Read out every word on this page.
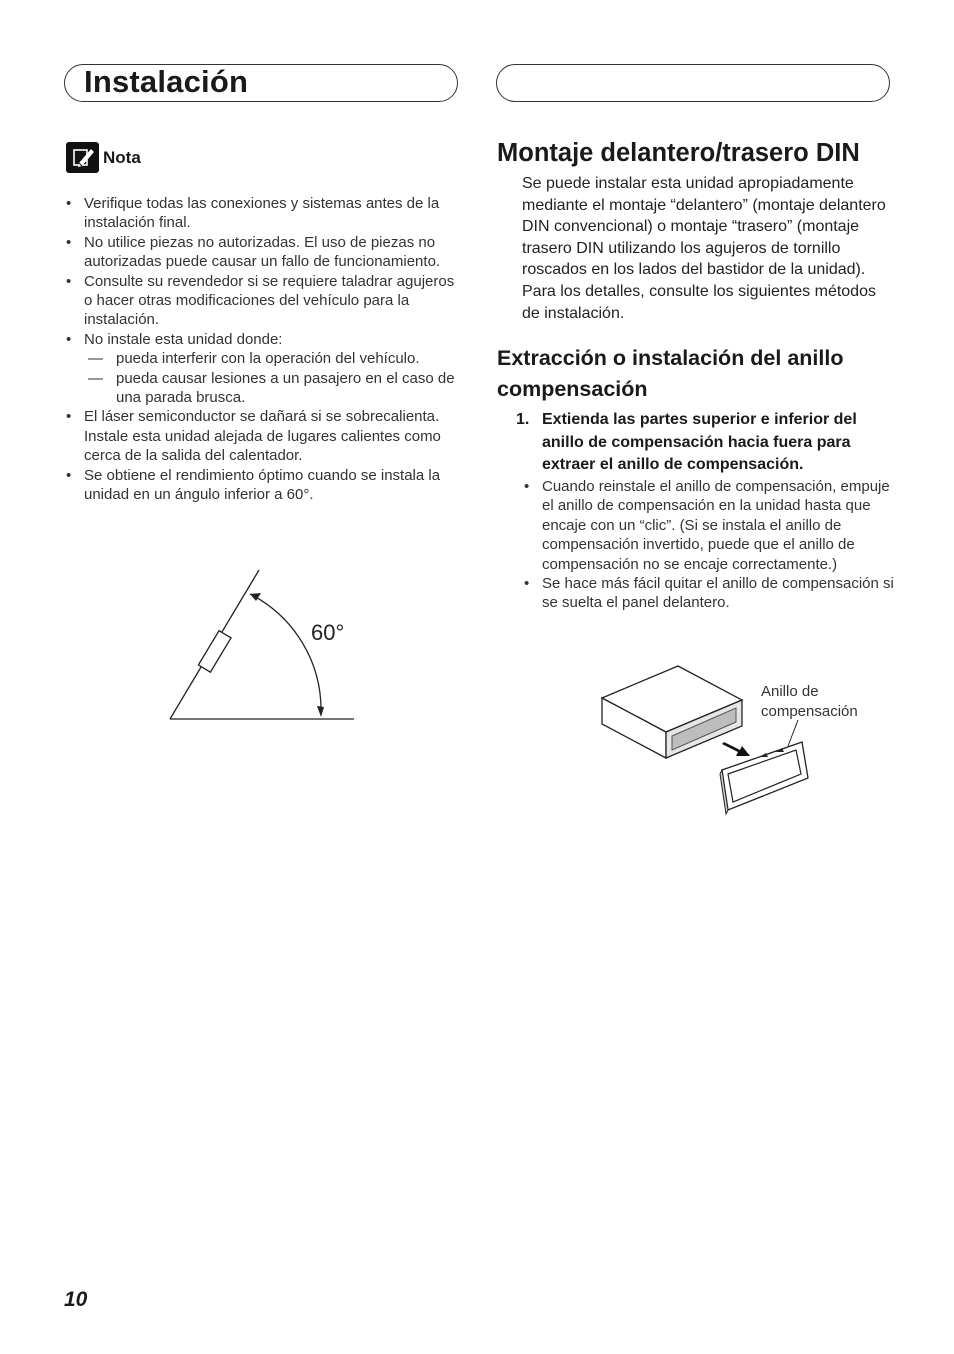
Instalación
Nota
• Verifique todas las conexiones y sistemas antes de la instalación final.
• No utilice piezas no autorizadas. El uso de piezas no autorizadas puede causar un fallo de funcionamiento.
• Consulte su revendedor si se requiere taladrar agujeros o hacer otras modificaciones del vehículo para la instalación.
• No instale esta unidad donde:
— pueda interferir con la operación del vehículo.
— pueda causar lesiones a un pasajero en el caso de una parada brusca.
• El láser semiconductor se dañará si se sobrecalienta. Instale esta unidad alejada de lugares calientes como cerca de la salida del calentador.
• Se obtiene el rendimiento óptimo cuando se instala la unidad en un ángulo inferior a 60°.
60°
Montaje delantero/trasero DIN

Se puede instalar esta unidad apropiadamente mediante el montaje “delantero” (montaje delantero DIN convencional) o montaje “trasero” (montaje trasero DIN utilizando los agujeros de tornillo roscados en los lados del bastidor de la unidad). Para los detalles, consulte los siguientes métodos de instalación.

Extracción o instalación del anillo compensación
1. Extienda las partes superior e inferior del anillo de compensación hacia fuera para extraer el anillo de compensación.
• Cuando reinstale el anillo de compensación, empuje el anillo de compensación en la unidad hasta que encaje con un “clic”. (Si se instala el anillo de compensación invertido, puede que el anillo de compensación no se encaje correctamente.)
• Se hace más fácil quitar el anillo de compensación si se suelta el panel delantero.
Anillo de
compensación
10
